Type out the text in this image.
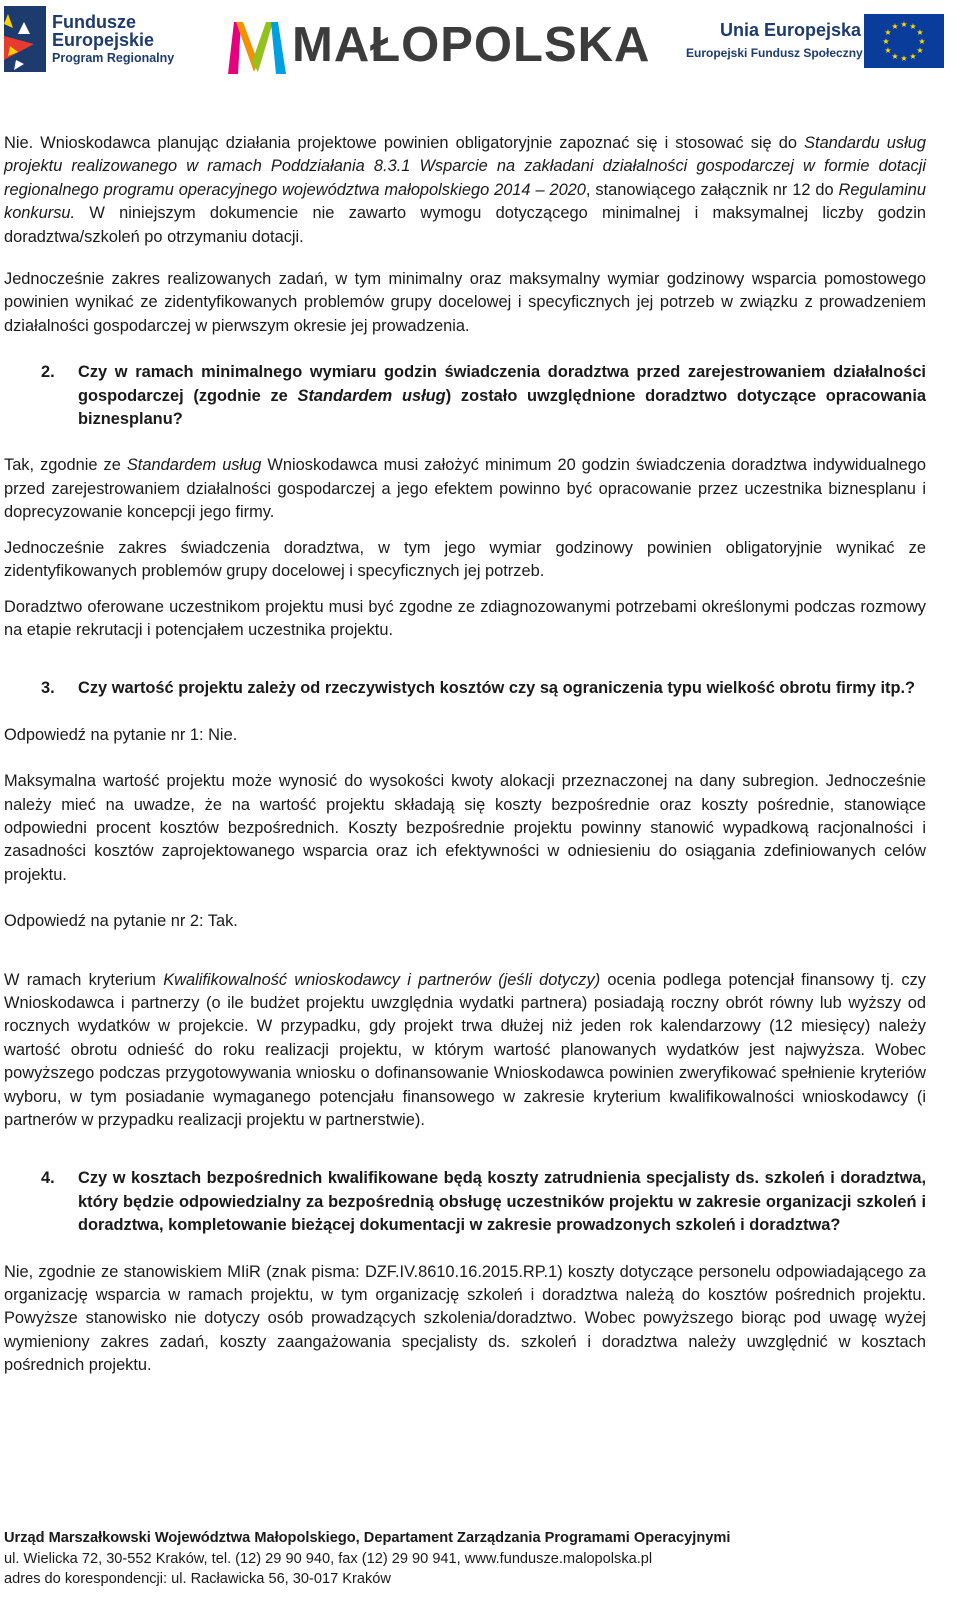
Fundusze
Europejskie
Program Regionalny MAŁOPOLSKA	Unia Europejska
Europejski Fundusz Społeczny
★ ★
★
★
★
★
★
★
★
★
★
★

Nie. Wnioskodawca planując działania projektowe powinien obligatoryjnie zapoznać się i stosować się do Standardu usług projektu realizowanego w ramach Poddziałania 8.3.1 Wsparcie na zakładani działalności gospodarczej w formie dotacji regionalnego programu operacyjnego województwa małopolskiego 2014 – 2020, stanowiącego załącznik nr 12 do Regulaminu konkursu. W niniejszym dokumencie nie zawarto wymogu dotyczącego minimalnej i maksymalnej liczby godzin doradztwa/szkoleń po otrzymaniu dotacji.

Jednocześnie zakres realizowanych zadań, w tym minimalny oraz maksymalny wymiar godzinowy wsparcia pomostowego powinien wynikać ze zidentyfikowanych problemów grupy docelowej i specyficznych jej potrzeb w związku z prowadzeniem działalności gospodarczej w pierwszym okresie jej prowadzenia.

2. Czy w ramach minimalnego wymiaru godzin świadczenia doradztwa przed zarejestrowaniem działalności gospodarczej (zgodnie ze Standardem usług) zostało uwzględnione doradztwo dotyczące opracowania biznesplanu?

Tak, zgodnie ze Standardem usług Wnioskodawca musi założyć minimum 20 godzin świadczenia doradztwa indywidualnego przed zarejestrowaniem działalności gospodarczej a jego efektem powinno być opracowanie przez uczestnika biznesplanu i doprecyzowanie koncepcji jego firmy.

Jednocześnie zakres świadczenia doradztwa, w tym jego wymiar godzinowy powinien obligatoryjnie wynikać ze zidentyfikowanych problemów grupy docelowej i specyficznych jej potrzeb.

Doradztwo oferowane uczestnikom projektu musi być zgodne ze zdiagnozowanymi potrzebami określonymi podczas rozmowy na etapie rekrutacji i potencjałem uczestnika projektu.

3. Czy wartość projektu zależy od rzeczywistych kosztów czy są ograniczenia typu wielkość obrotu firmy itp.?

Odpowiedź na pytanie nr 1: Nie.

Maksymalna wartość projektu może wynosić do wysokości kwoty alokacji przeznaczonej na dany subregion. Jednocześnie należy mieć na uwadze, że na wartość projektu składają się koszty bezpośrednie oraz koszty pośrednie, stanowiące odpowiedni procent kosztów bezpośrednich. Koszty bezpośrednie projektu powinny stanowić wypadkową racjonalności i zasadności kosztów zaprojektowanego wsparcia oraz ich efektywności w odniesieniu do osiągania zdefiniowanych celów projektu.

Odpowiedź na pytanie nr 2: Tak.

W ramach kryterium Kwalifikowalność wnioskodawcy i partnerów (jeśli dotyczy) ocenia podlega potencjał finansowy tj. czy Wnioskodawca i partnerzy (o ile budżet projektu uwzględnia wydatki partnera) posiadają roczny obrót równy lub wyższy od rocznych wydatków w projekcie. W przypadku, gdy projekt trwa dłużej niż jeden rok kalendarzowy (12 miesięcy) należy wartość obrotu odnieść do roku realizacji projektu, w którym wartość planowanych wydatków jest najwyższa. Wobec powyższego podczas przygotowywania wniosku o dofinansowanie Wnioskodawca powinien zweryfikować spełnienie kryteriów wyboru, w tym posiadanie wymaganego potencjału finansowego w zakresie kryterium kwalifikowalności wnioskodawcy (i partnerów w przypadku realizacji projektu w partnerstwie).

4. Czy w kosztach bezpośrednich kwalifikowane będą koszty zatrudnienia specjalisty ds. szkoleń i doradztwa, który będzie odpowiedzialny za bezpośrednią obsługę uczestników projektu w zakresie organizacji szkoleń i doradztwa, kompletowanie bieżącej dokumentacji w zakresie prowadzonych szkoleń i doradztwa?

Nie, zgodnie ze stanowiskiem MIiR (znak pisma: DZF.IV.8610.16.2015.RP.1) koszty dotyczące personelu odpowiadającego za organizację wsparcia w ramach projektu, w tym organizację szkoleń i doradztwa należą do kosztów pośrednich projektu. Powyższe stanowisko nie dotyczy osób prowadzących szkolenia/doradztwo. Wobec powyższego biorąc pod uwagę wyżej wymieniony zakres zadań, koszty zaangażowania specjalisty ds. szkoleń i doradztwa należy uwzględnić w kosztach pośrednich projektu.

Urząd Marszałkowski Województwa Małopolskiego, Departament Zarządzania Programami Operacyjnymi
ul. Wielicka 72, 30-552 Kraków, tel. (12) 29 90 940, fax (12) 29 90 941, www.fundusze.malopolska.pl
adres do korespondencji: ul. Racławicka 56, 30-017 Kraków
